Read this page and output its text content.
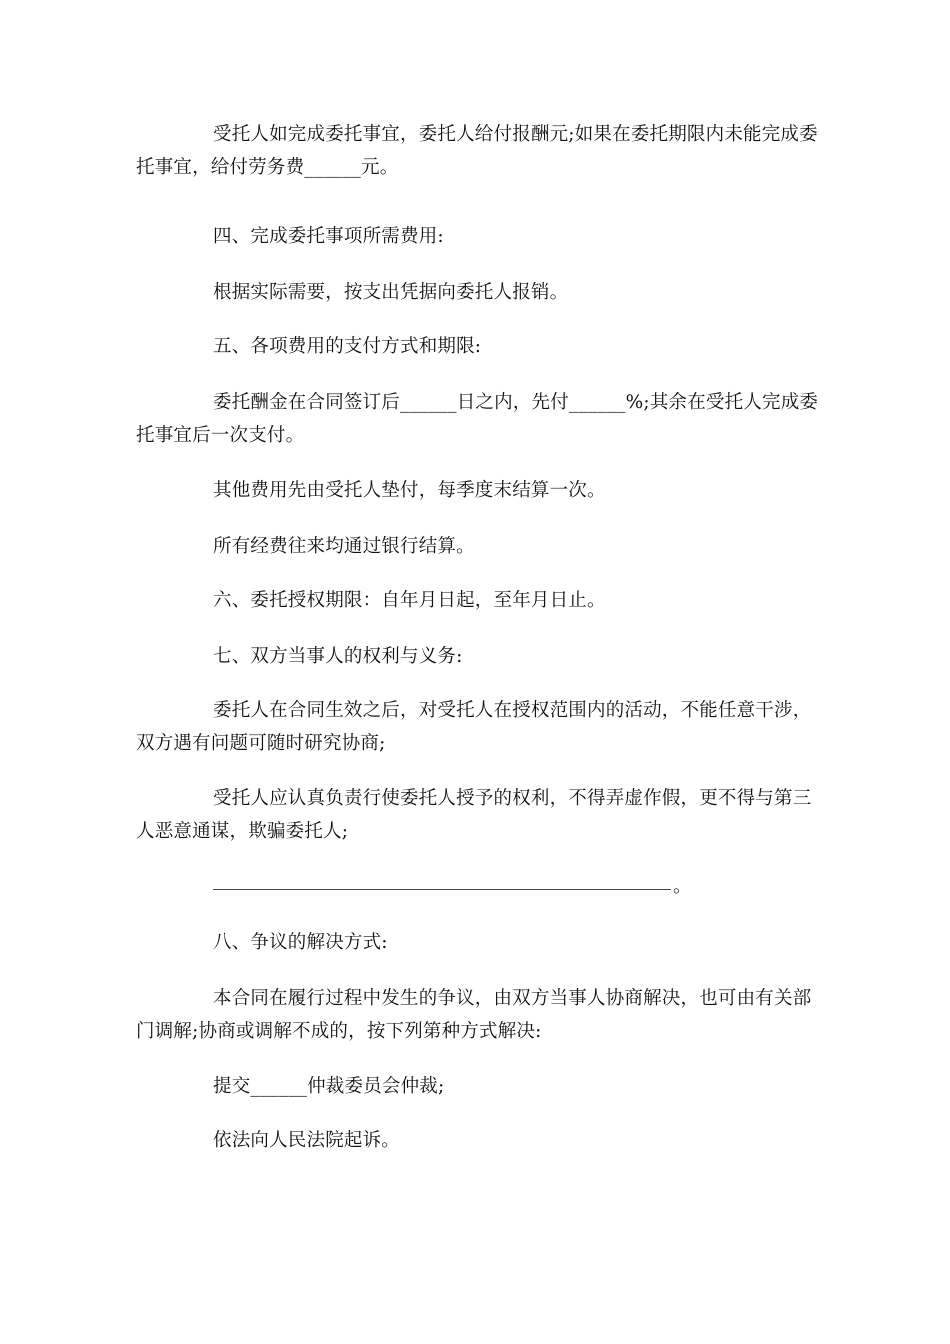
受托人如完成委托事宜，委托人给付报酬元;如果在委托期限内未能完成委托事宜，给付劳务费______元。

四、完成委托事项所需费用:

根据实际需要，按支出凭据向委托人报销。

五、各项费用的支付方式和期限:

委托酬金在合同签订后______日之内，先付______%;其余在受托人完成委托事宜后一次支付。

其他费用先由受托人垫付，每季度末结算一次。

所有经费往来均通过银行结算。

六、委托授权期限：自年月日起，至年月日止。

七、双方当事人的权利与义务:

委托人在合同生效之后，对受托人在授权范围内的活动，不能任意干涉，双方遇有问题可随时研究协商;

受托人应认真负责行使委托人授予的权利，不得弄虚作假，更不得与第三人恶意通谋，欺骗委托人;

。

八、争议的解决方式:

本合同在履行过程中发生的争议，由双方当事人协商解决，也可由有关部门调解;协商或调解不成的，按下列第种方式解决:

提交______仲裁委员会仲裁;

依法向人民法院起诉。
